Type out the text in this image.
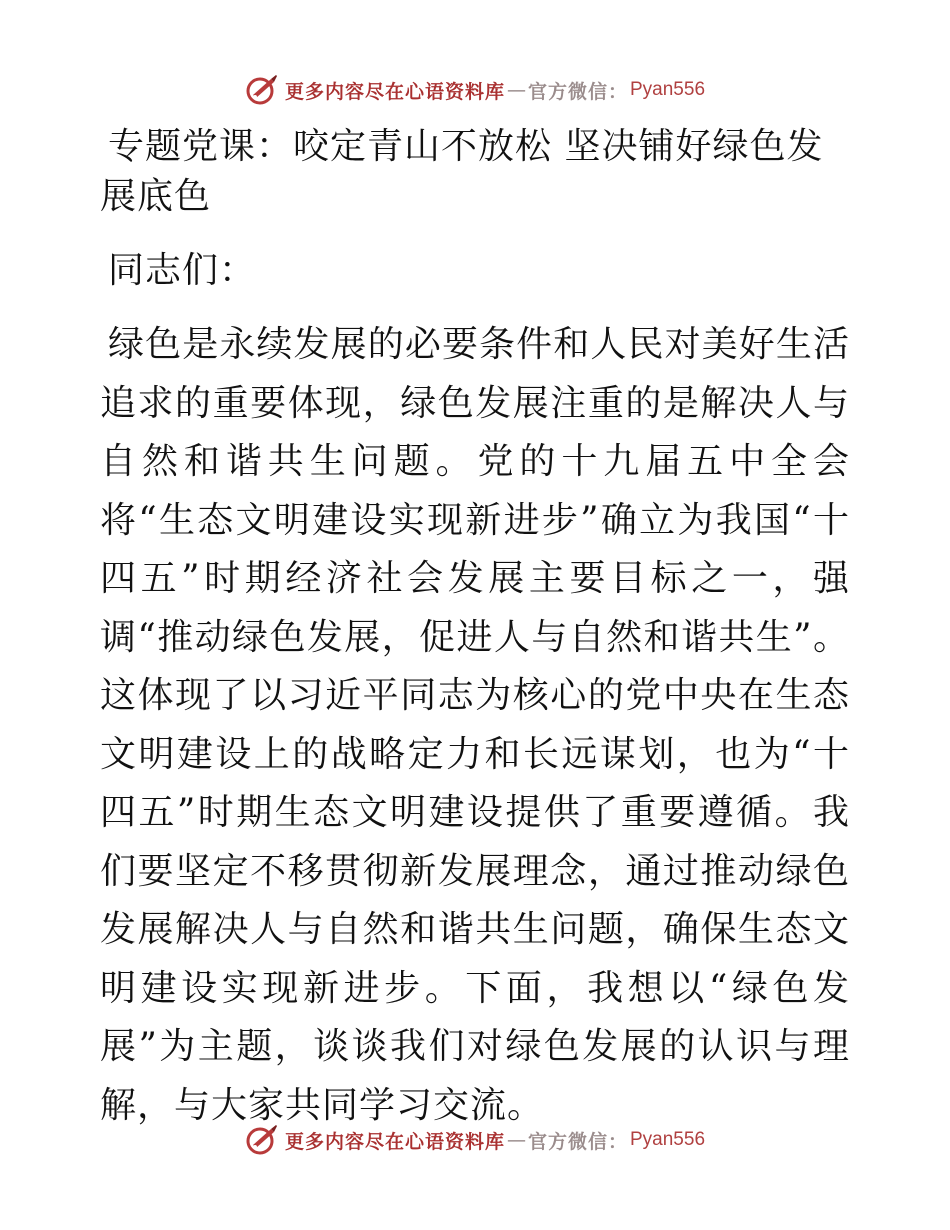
更多内容尽在心语资料库 — 官方微信： Pyan556
专题党课：咬定青山不放松 坚决铺好绿色发展底色

同志们：

绿色是永续发展的必要条件和人民对美好生活追求的重要体现，绿色发展注重的是解决人与自然和谐共生问题。党的十九届五中全会将“生态文明建设实现新进步”确立为我国“十四五”时期经济社会发展主要目标之一，强调“推动绿色发展，促进人与自然和谐共生”。这体现了以习近平同志为核心的党中央在生态文明建设上的战略定力和长远谋划，也为“十四五”时期生态文明建设提供了重要遵循。我们要坚定不移贯彻新发展理念，通过推动绿色发展解决人与自然和谐共生问题，确保生态文明建设实现新进步。下面，我想以“绿色发展”为主题，谈谈我们对绿色发展的认识与理解，与大家共同学习交流。

更多内容尽在心语资料库 — 官方微信： Pyan556
